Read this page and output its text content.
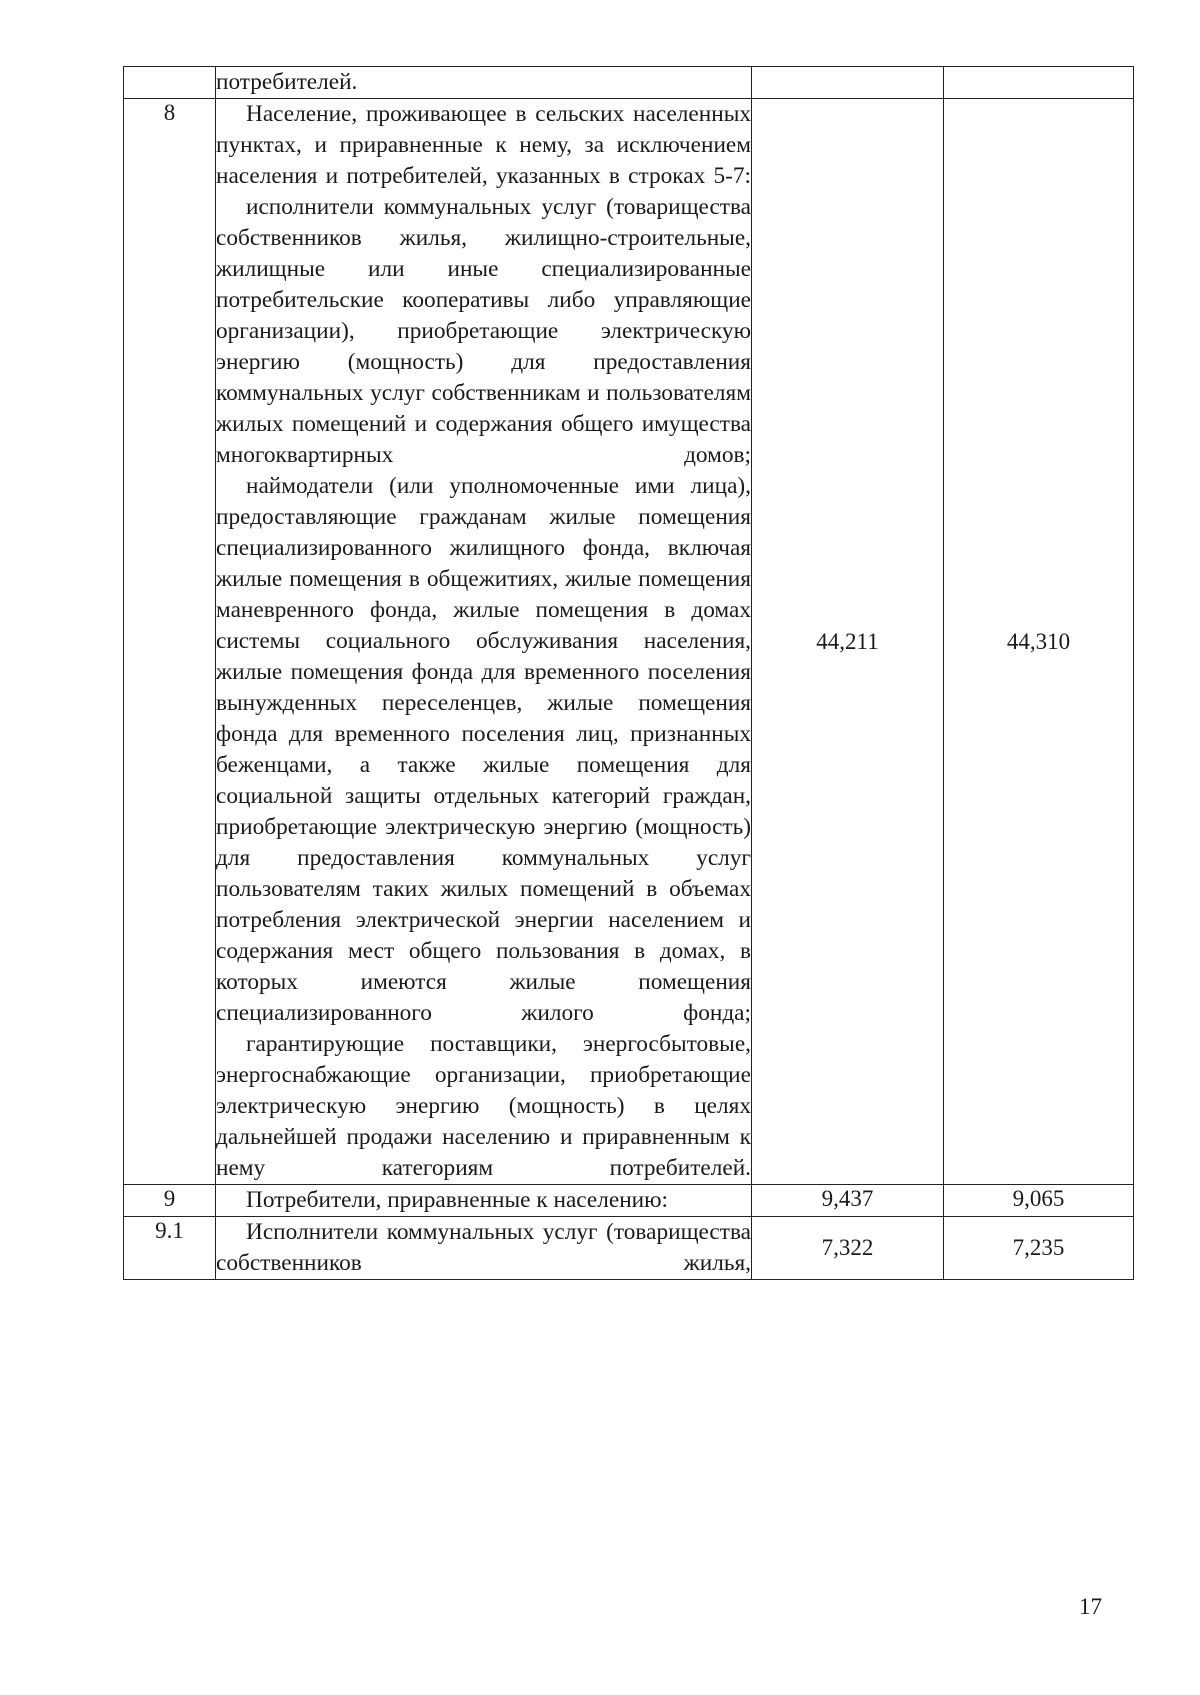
	потребителей.		

8	Население, проживающее в сельских населенных пунктах, и приравненные к нему, за исключением населения и потребителей, указанных в строках 5-7:

исполнители коммунальных услуг (товарищества собственников жилья, жилищно-строительные, жилищные или иные специализированные потребительские кооперативы либо управляющие организации), приобретающие электрическую энергию (мощность) для предоставления коммунальных услуг собственникам и пользователям жилых помещений и содержания общего имущества многоквартирных домов;

наймодатели (или уполномоченные ими лица), предоставляющие гражданам жилые помещения специализированного жилищного фонда, включая жилые помещения в общежитиях, жилые помещения маневренного фонда, жилые помещения в домах системы социального обслуживания населения, жилые помещения фонда для временного поселения вынужденных переселенцев, жилые помещения фонда для временного поселения лиц, признанных беженцами, а также жилые помещения для социальной защиты отдельных категорий граждан, приобретающие электрическую энергию (мощность) для предоставления коммунальных услуг пользователям таких жилых помещений в объемах потребления электрической энергии населением и содержания мест общего пользования в домах, в которых имеются жилые помещения специализированного жилого фонда;

гарантирующие поставщики, энергосбытовые, энергоснабжающие организации, приобретающие электрическую энергию (мощность) в целях дальнейшей продажи населению и приравненным к нему категориям потребителей.	44,211	44,310
9	Потребители, приравненные к населению:	9,437	9,065
9.1	Исполнители коммунальных услуг (товарищества собственников жилья,	7,322	7,235
17
